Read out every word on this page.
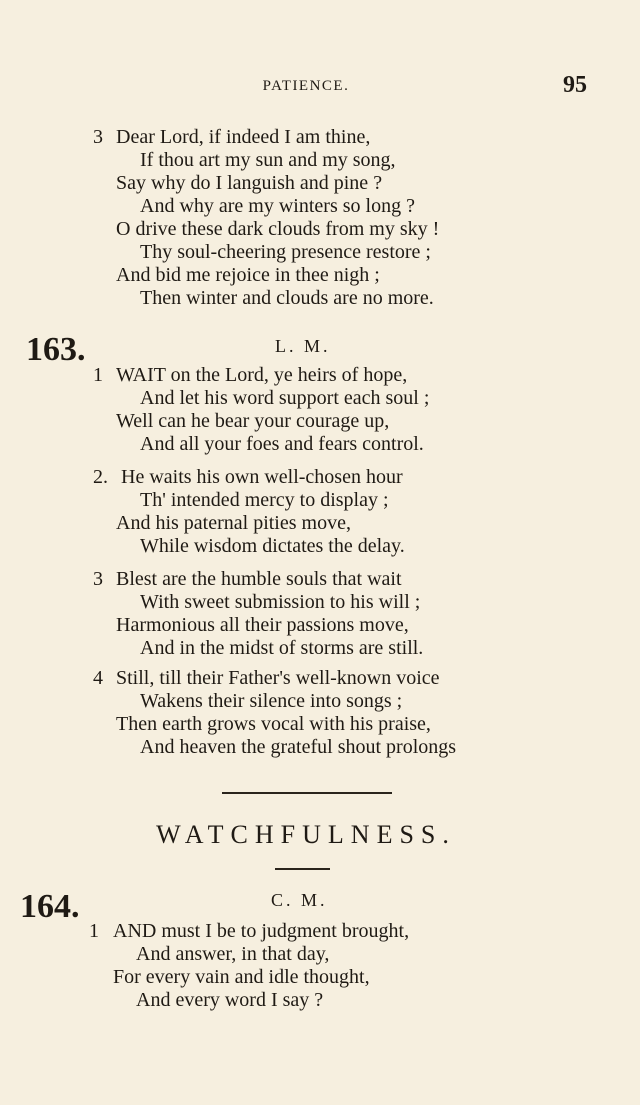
PATIENCE.	95
3 Dear Lord, if indeed I am thine,
If thou art my sun and my song,
Say why do I languish and pine ?
And why are my winters so long ?
O drive these dark clouds from my sky !
Thy soul-cheering presence restore ;
And bid me rejoice in thee nigh ;
Then winter and clouds are no more.
163.	L. M.
1 WAIT on the Lord, ye heirs of hope,
And let his word support each soul ;
Well can he bear your courage up,
And all your foes and fears control.
2. He waits his own well-chosen hour
Th' intended mercy to display ;
And his paternal pities move,
While wisdom dictates the delay.
3 Blest are the humble souls that wait
With sweet submission to his will ;
Harmonious all their passions move,
And in the midst of storms are still.
4 Still, till their Father's well-known voice
Wakens their silence into songs ;
Then earth grows vocal with his praise,
And heaven the grateful shout prolongs
WATCHFULNESS.
164.	C. M.
1 AND must I be to judgment brought,
And answer, in that day,
For every vain and idle thought,
And every word I say ?
